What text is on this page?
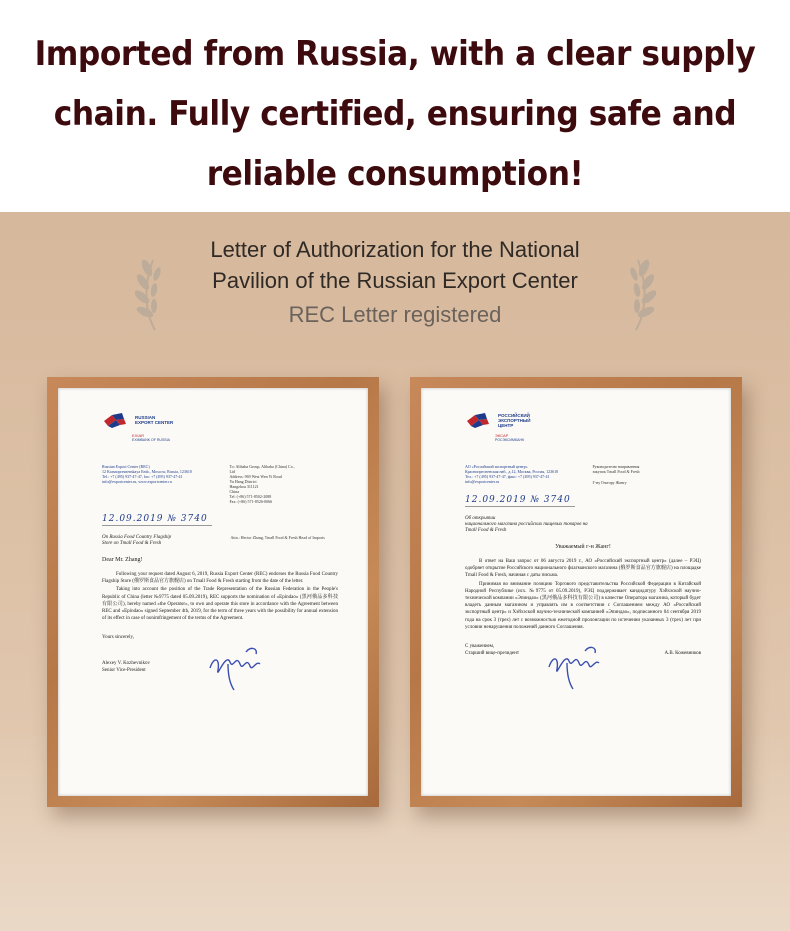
Imported from Russia, with a clear supply
chain. Fully certified, ensuring safe and
reliable consumption!
Letter of Authorization for the National
Pavilion of the Russian Export Center
REC Letter registered
RUSSIAN
EXPORT CENTER
EXIAR
EXIMBANK OF RUSSIA
Russian Export Center (REC)
12 Krasnopresnenskaya Emb., Moscow, Russia, 123610
Tel.: +7 (495) 937-47-47, fax: +7 (495) 937-47-41
info@exportcenter.ru, www.exportcenter.ru
To: Alibaba Group, Alibaba (China) Co.,
Ltd
Address: 969 West Wen Yi Road
Yu Hang District
Hangzhou 311121
China
Tel: (+86) 571-8502-2088
Fax: (+86) 571-8526-0066
12.09.2019 № 3740
On Russia Food Country Flagship
Store on Tmall Food & Fresh
Attn.: Hector Zhang, Tmall Food & Fresh Head of Imports
Dear Mr. Zhang!

Following your request dated August 6, 2019, Russia Export Center (REC) endorses the Russia Food Country Flagship Store (俄罗斯食品官方旗舰店) on Tmall Food & Fresh starting from the date of the letter.

Taking into account the position of the Trade Representation of the Russian Federation in the People's Republic of China (letter №9775 dated 05.09.2019), REC supports the nomination of «Epindao» (黑河俄品多科技有限公司), hereby named «the Operator», to own and operate this store in accordance with the Agreement between REC and «Epindao» signed September 4th, 2019, for the term of three years with the possibility for annual extension of its effect in case of nonimfringement of the terms of the Agreement.

Yours sincerely,
Alexey V. Kozhevnikov
Senior Vice-President
РОССИЙСКИЙ
ЭКСПОРТНЫЙ ЦЕНТР
ЭКСАР
РОСЭКСИМБАНК
АО «Российский экспортный центр»
Краснопресненская наб., д.12, Москва, Россия, 123610
Тел.: +7 (495) 937-47-47, факс: +7 (495) 937-47-41
info@exportcenter.ru
Руководителю направления
закупок Tmall Food & Fresh
Г-ну Гектору Жангу
12.09.2019 № 3740
Об открытии
национального магазина российских пищевых товаров на Tmall Food & Fresh
Уважаемый г-н Жанг!

В ответ на Ваш запрос от 06 августа 2019 г., АО «Российский экспортный центр» (далее – РЭЦ) одобряет открытие Российского национального флагманского магазина (俄罗斯食品官方旗舰店) на площадке Tmall Food & Fresh, начиная с даты письма.

Принимая во внимание позицию Торгового представительства Российской Федерации в Китайской Народной Республике (исх. №9775 от 05.09.2019), РЭЦ поддерживает кандидатуру Хэйхэской научно-технической компании «Эпиндао» (黑河俄品多科技有限公司) в качестве Оператора магазина, который будет владеть данным магазином и управлять им в соответствии с Соглашением между АО «Российский экспортный центр» и Хэйхэской научно-технической компанией «Эпиндао», подписанного 04 сентября 2019 года на срок 3 (трех) лет с возможностью ежегодной пролонгации по истечении указанных 3 (трех) лет при условии ненарушения положений данного Соглашения.

С уважением,
Старший вице-президент	А.В. Кожевников
